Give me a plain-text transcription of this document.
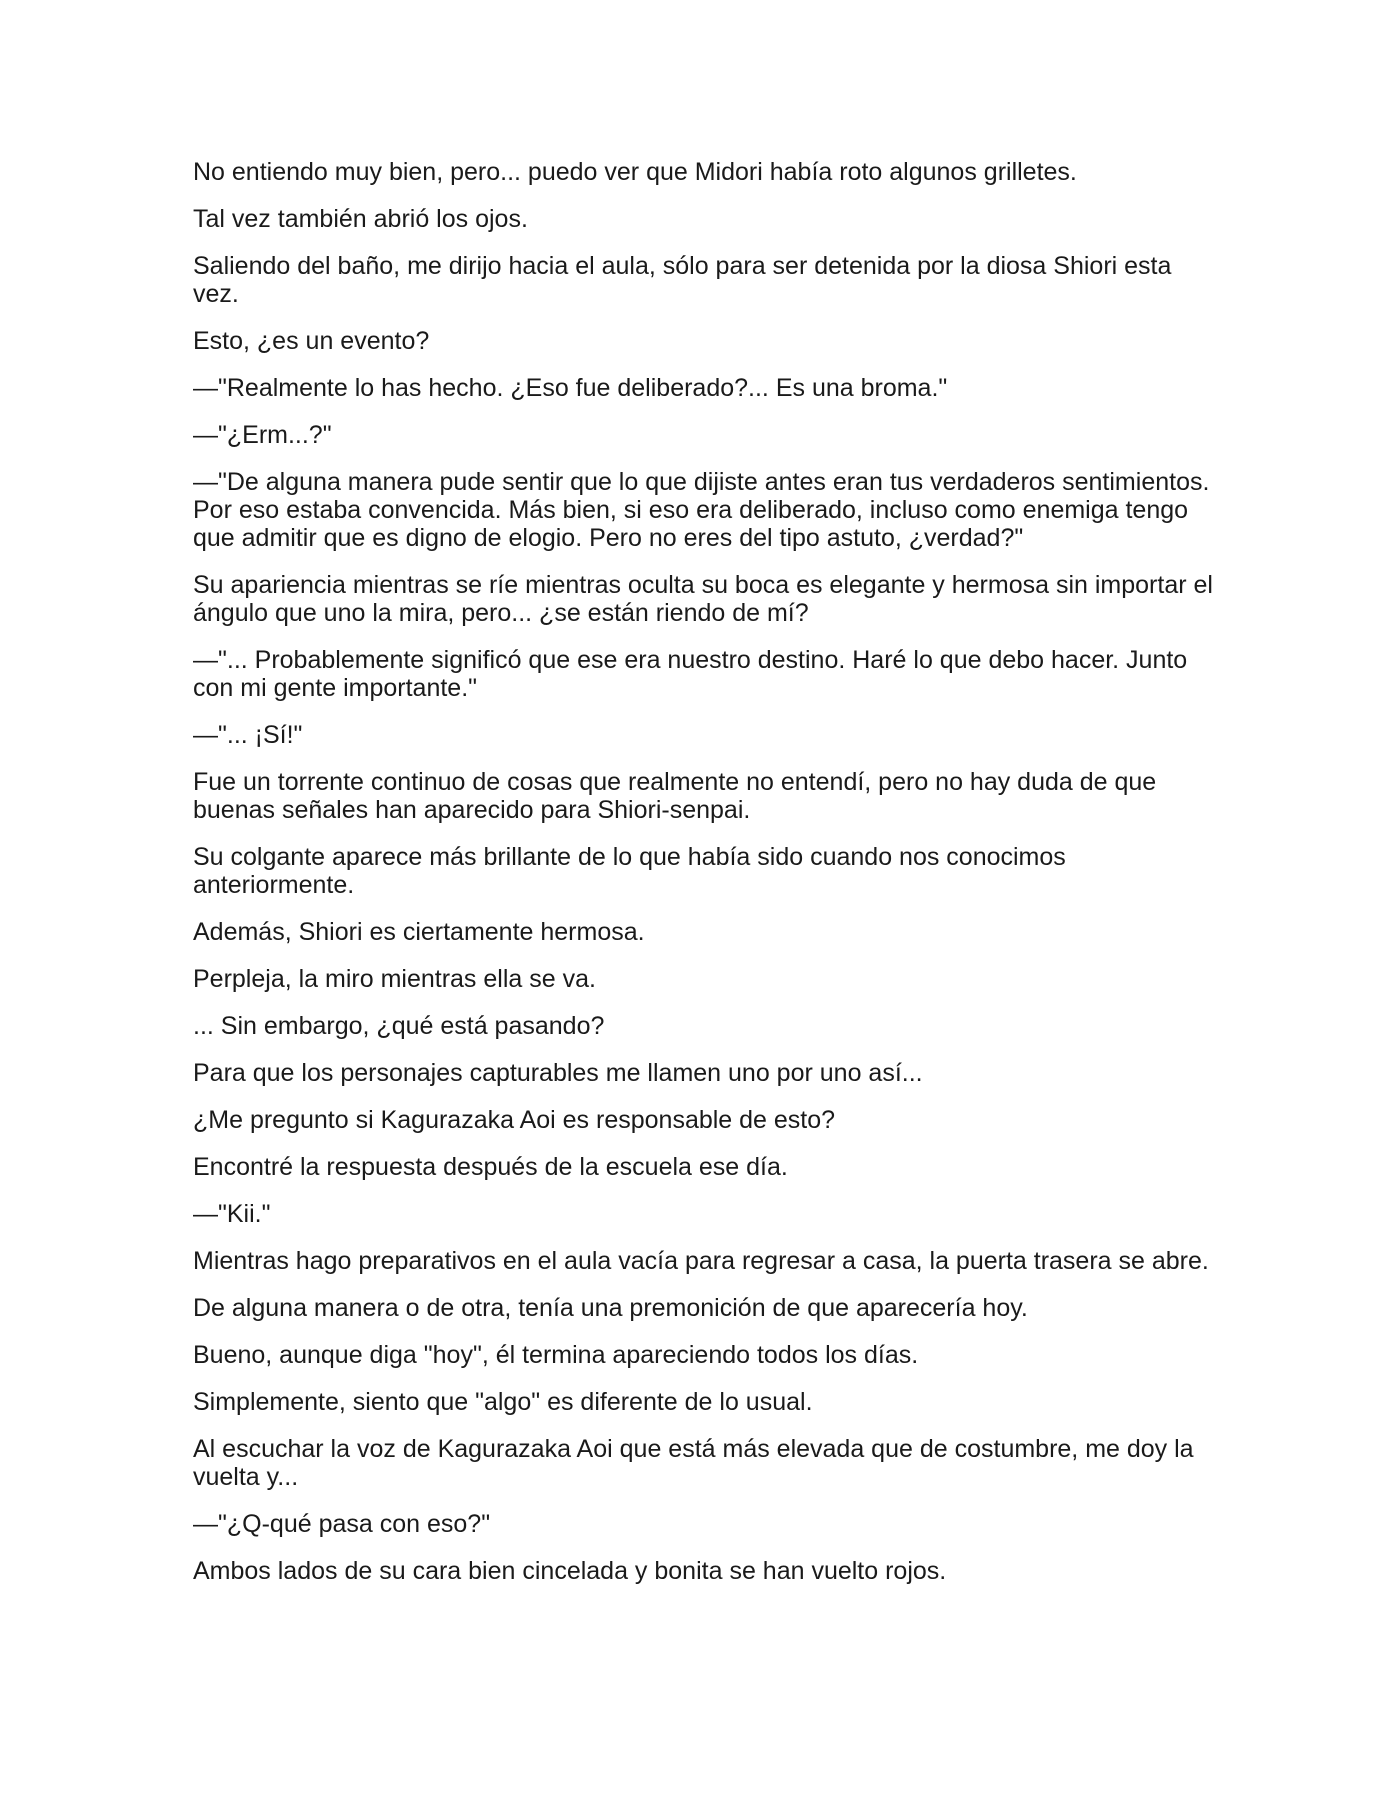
No entiendo muy bien, pero... puedo ver que Midori había roto algunos grilletes.

Tal vez también abrió los ojos.

Saliendo del baño, me dirijo hacia el aula, sólo para ser detenida por la diosa Shiori esta vez.

Esto, ¿es un evento?

—"Realmente lo has hecho. ¿Eso fue deliberado?... Es una broma."

—"¿Erm...?"

—"De alguna manera pude sentir que lo que dijiste antes eran tus verdaderos sentimientos. Por eso estaba convencida. Más bien, si eso era deliberado, incluso como enemiga tengo que admitir que es digno de elogio. Pero no eres del tipo astuto, ¿verdad?"

Su apariencia mientras se ríe mientras oculta su boca es elegante y hermosa sin importar el ángulo que uno la mira, pero... ¿se están riendo de mí?

—"... Probablemente significó que ese era nuestro destino. Haré lo que debo hacer. Junto con mi gente importante."

—"... ¡Sí!"

Fue un torrente continuo de cosas que realmente no entendí, pero no hay duda de que buenas señales han aparecido para Shiori-senpai.

Su colgante aparece más brillante de lo que había sido cuando nos conocimos anteriormente.

Además, Shiori es ciertamente hermosa.

Perpleja, la miro mientras ella se va.

... Sin embargo, ¿qué está pasando?

Para que los personajes capturables me llamen uno por uno así...

¿Me pregunto si Kagurazaka Aoi es responsable de esto?

Encontré la respuesta después de la escuela ese día.

—"Kii."

Mientras hago preparativos en el aula vacía para regresar a casa, la puerta trasera se abre.

De alguna manera o de otra, tenía una premonición de que aparecería hoy.

Bueno, aunque diga "hoy", él termina apareciendo todos los días.

Simplemente, siento que "algo" es diferente de lo usual.

Al escuchar la voz de Kagurazaka Aoi que está más elevada que de costumbre, me doy la vuelta y...

—"¿Q-qué pasa con eso?"

Ambos lados de su cara bien cincelada y bonita se han vuelto rojos.
